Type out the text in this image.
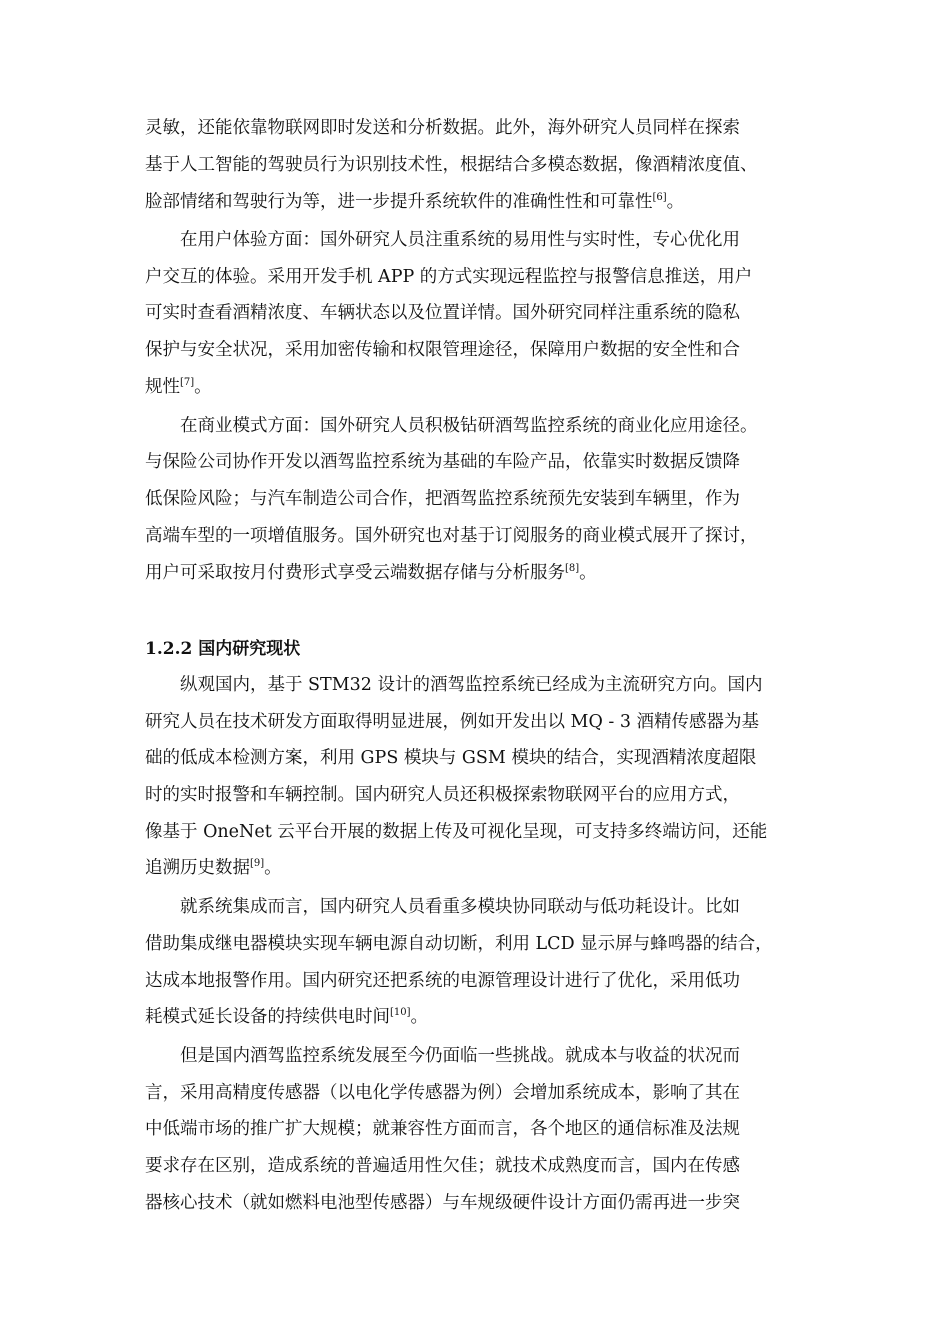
灵敏，还能依靠物联网即时发送和分析数据。此外，海外研究人员同样在探索
基于人工智能的驾驶员行为识别技术性，根据结合多模态数据，像酒精浓度值、
脸部情绪和驾驶行为等，进一步提升系统软件的准确性性和可靠性[6]。
在用户体验方面：国外研究人员注重系统的易用性与实时性，专心优化用
户交互的体验。采用开发手机 APP 的方式实现远程监控与报警信息推送，用户
可实时查看酒精浓度、车辆状态以及位置详情。国外研究同样注重系统的隐私
保护与安全状况，采用加密传输和权限管理途径，保障用户数据的安全性和合
规性[7]。
在商业模式方面：国外研究人员积极钻研酒驾监控系统的商业化应用途径。
与保险公司协作开发以酒驾监控系统为基础的车险产品，依靠实时数据反馈降
低保险风险；与汽车制造公司合作，把酒驾监控系统预先安装到车辆里，作为
高端车型的一项增值服务。国外研究也对基于订阅服务的商业模式展开了探讨，
用户可采取按月付费形式享受云端数据存储与分析服务[8]。
1.2.2 国内研究现状
纵观国内，基于 STM32 设计的酒驾监控系统已经成为主流研究方向。国内
研究人员在技术研发方面取得明显进展，例如开发出以 MQ - 3 酒精传感器为基
础的低成本检测方案，利用 GPS 模块与 GSM 模块的结合，实现酒精浓度超限
时的实时报警和车辆控制。国内研究人员还积极探索物联网平台的应用方式，
像基于 OneNet 云平台开展的数据上传及可视化呈现，可支持多终端访问，还能
追溯历史数据[9]。
就系统集成而言，国内研究人员看重多模块协同联动与低功耗设计。比如
借助集成继电器模块实现车辆电源自动切断，利用 LCD 显示屏与蜂鸣器的结合，
达成本地报警作用。国内研究还把系统的电源管理设计进行了优化，采用低功
耗模式延长设备的持续供电时间[10]。
但是国内酒驾监控系统发展至今仍面临一些挑战。就成本与收益的状况而
言，采用高精度传感器（以电化学传感器为例）会增加系统成本，影响了其在
中低端市场的推广扩大规模；就兼容性方面而言，各个地区的通信标准及法规
要求存在区别，造成系统的普遍适用性欠佳；就技术成熟度而言，国内在传感
器核心技术（就如燃料电池型传感器）与车规级硬件设计方面仍需再进一步突
